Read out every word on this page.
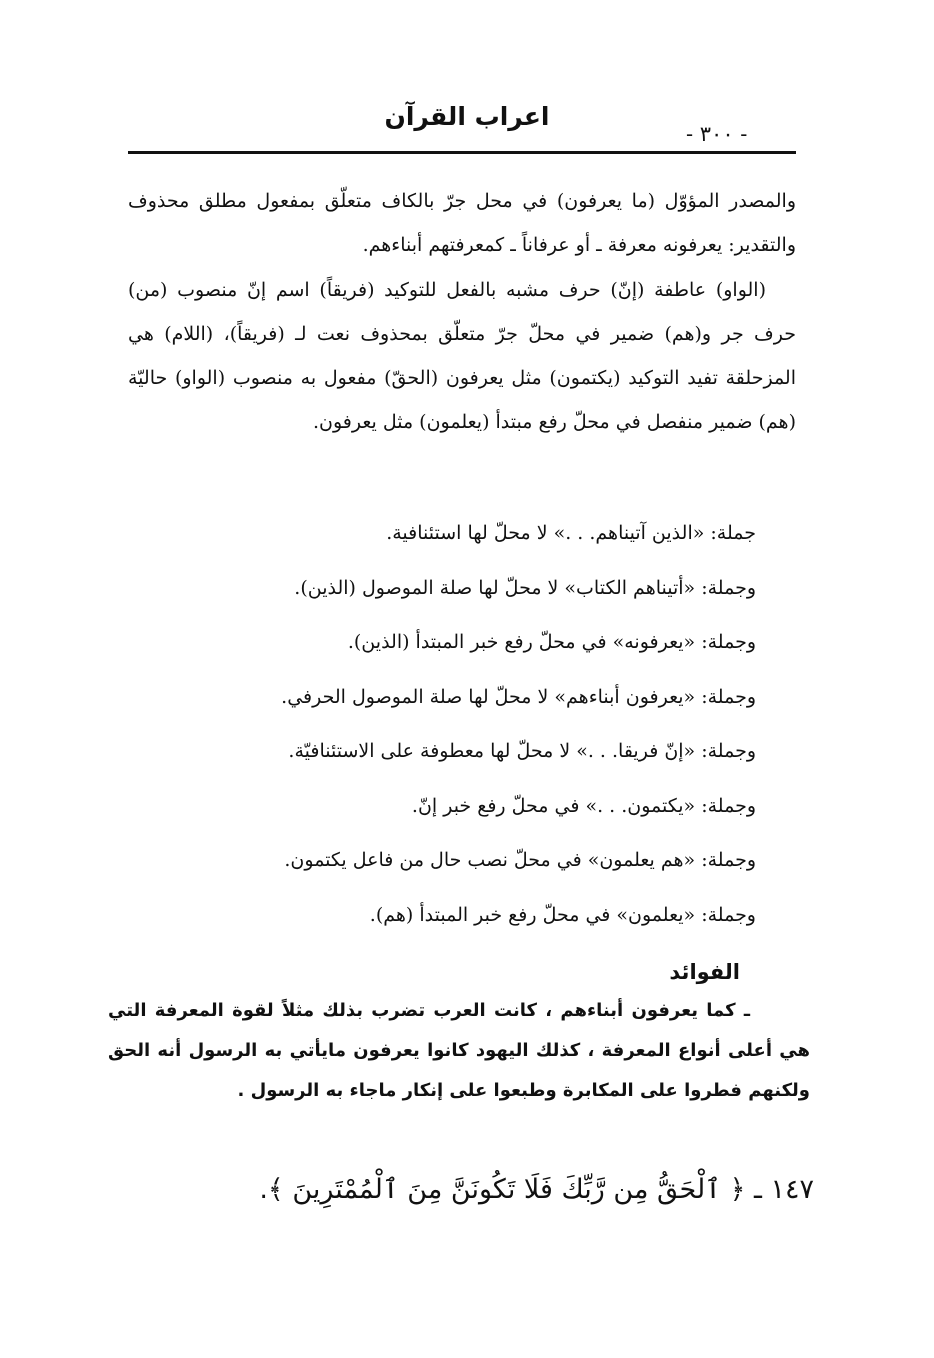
اعراب القرآن
- ٣٠٠ -

والمصدر المؤوّل (ما يعرفون) في محل جرّ بالكاف متعلّق بمفعول مطلق محذوف والتقدير: يعرفونه معرفة ـ أو عرفاناً ـ كمعرفتهم أبناءهم.

(الواو) عاطفة (إنّ) حرف مشبه بالفعل للتوكيد (فريقاً) اسم إنّ منصوب (من) حرف جر و(هم) ضمير في محلّ جرّ متعلّق بمحذوف نعت لـ (فريقاً)، (اللام) هي المزحلقة تفيد التوكيد (يكتمون) مثل يعرفون (الحقّ) مفعول به منصوب (الواو) حاليّة (هم) ضمير منفصل في محلّ رفع مبتدأ (يعلمون) مثل يعرفون.

جملة: «الذين آتيناهم. . .» لا محلّ لها استئنافية.
وجملة: «أتيناهم الكتاب» لا محلّ لها صلة الموصول (الذين).
وجملة: «يعرفونه» في محلّ رفع خبر المبتدأ (الذين).
وجملة: «يعرفون أبناءهم» لا محلّ لها صلة الموصول الحرفي.
وجملة: «إنّ فريقا. . .» لا محلّ لها معطوفة على الاستئنافيّة.
وجملة: «يكتمون. . .» في محلّ رفع خبر إنّ.
وجملة: «هم يعلمون» في محلّ نصب حال من فاعل يكتمون.
وجملة: «يعلمون» في محلّ رفع خبر المبتدأ (هم).
الفوائد

ـ كما يعرفون أبناءهم ، كانت العرب تضرب بذلك مثلاً لقوة المعرفة التي هي أعلى أنواع المعرفة ، كذلك اليهود كانوا يعرفون مايأتي به الرسول أنه الحق ولكنهم فطروا على المكابرة وطبعوا على إنكار ماجاء به الرسول .

١٤٧ ـ ﴿ ٱلْحَقُّ مِن رَّبِّكَ فَلَا تَكُونَنَّ مِنَ ٱلْمُمْتَرِينَ ﴾.
